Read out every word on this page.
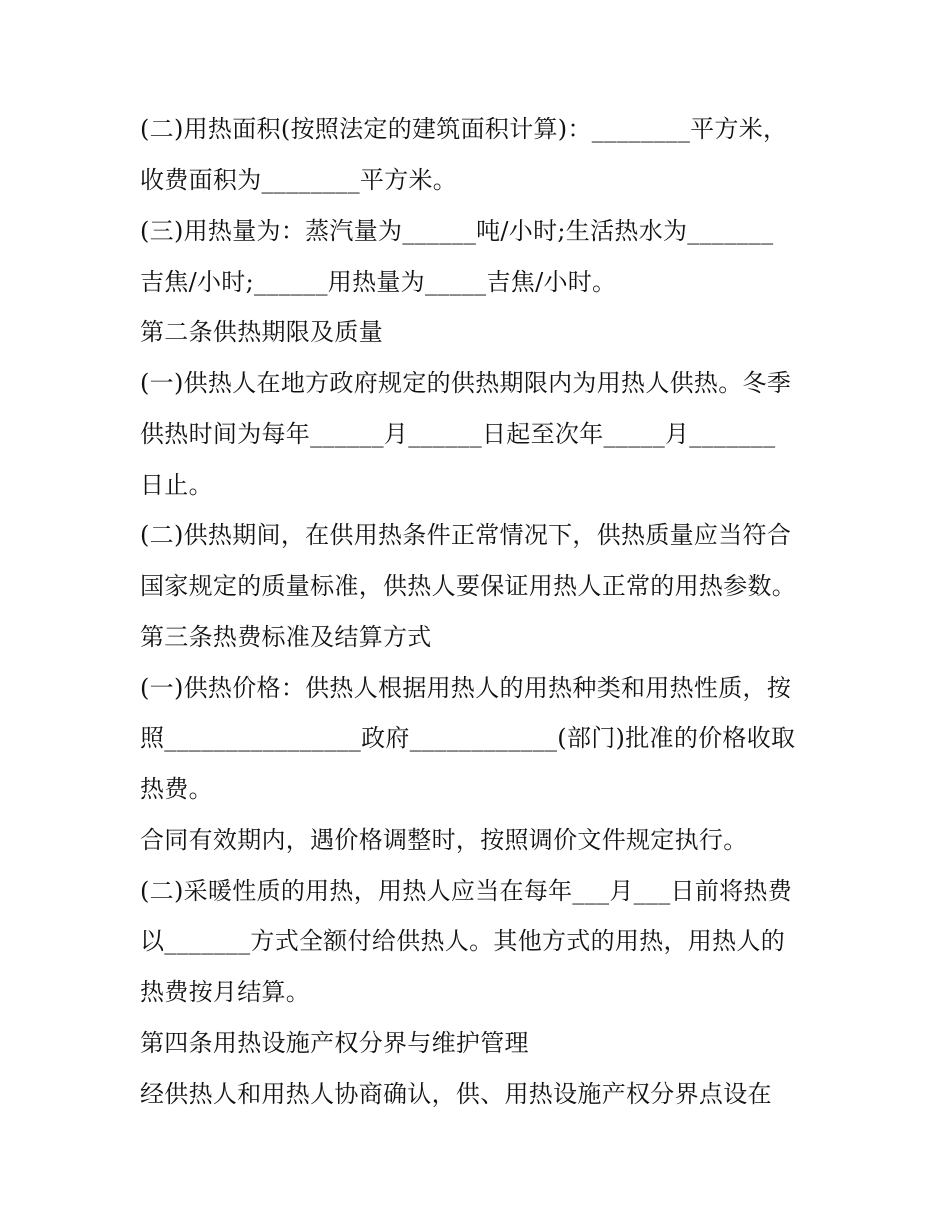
(二)用热面积(按照法定的建筑面积计算)：________平方米，
收费面积为________平方米。
(三)用热量为：蒸汽量为______吨/小时;生活热水为_______
吉焦/小时;______用热量为_____吉焦/小时。
第二条供热期限及质量
(一)供热人在地方政府规定的供热期限内为用热人供热。冬季
供热时间为每年______月______日起至次年_____月_______
日止。
(二)供热期间，在供用热条件正常情况下，供热质量应当符合
国家规定的质量标准，供热人要保证用热人正常的用热参数。
第三条热费标准及结算方式
(一)供热价格：供热人根据用热人的用热种类和用热性质，按
照________________政府____________(部门)批准的价格收取
热费。
合同有效期内，遇价格调整时，按照调价文件规定执行。
(二)采暖性质的用热，用热人应当在每年___月___日前将热费
以_______方式全额付给供热人。其他方式的用热，用热人的
热费按月结算。
第四条用热设施产权分界与维护管理
经供热人和用热人协商确认，供、用热设施产权分界点设在
